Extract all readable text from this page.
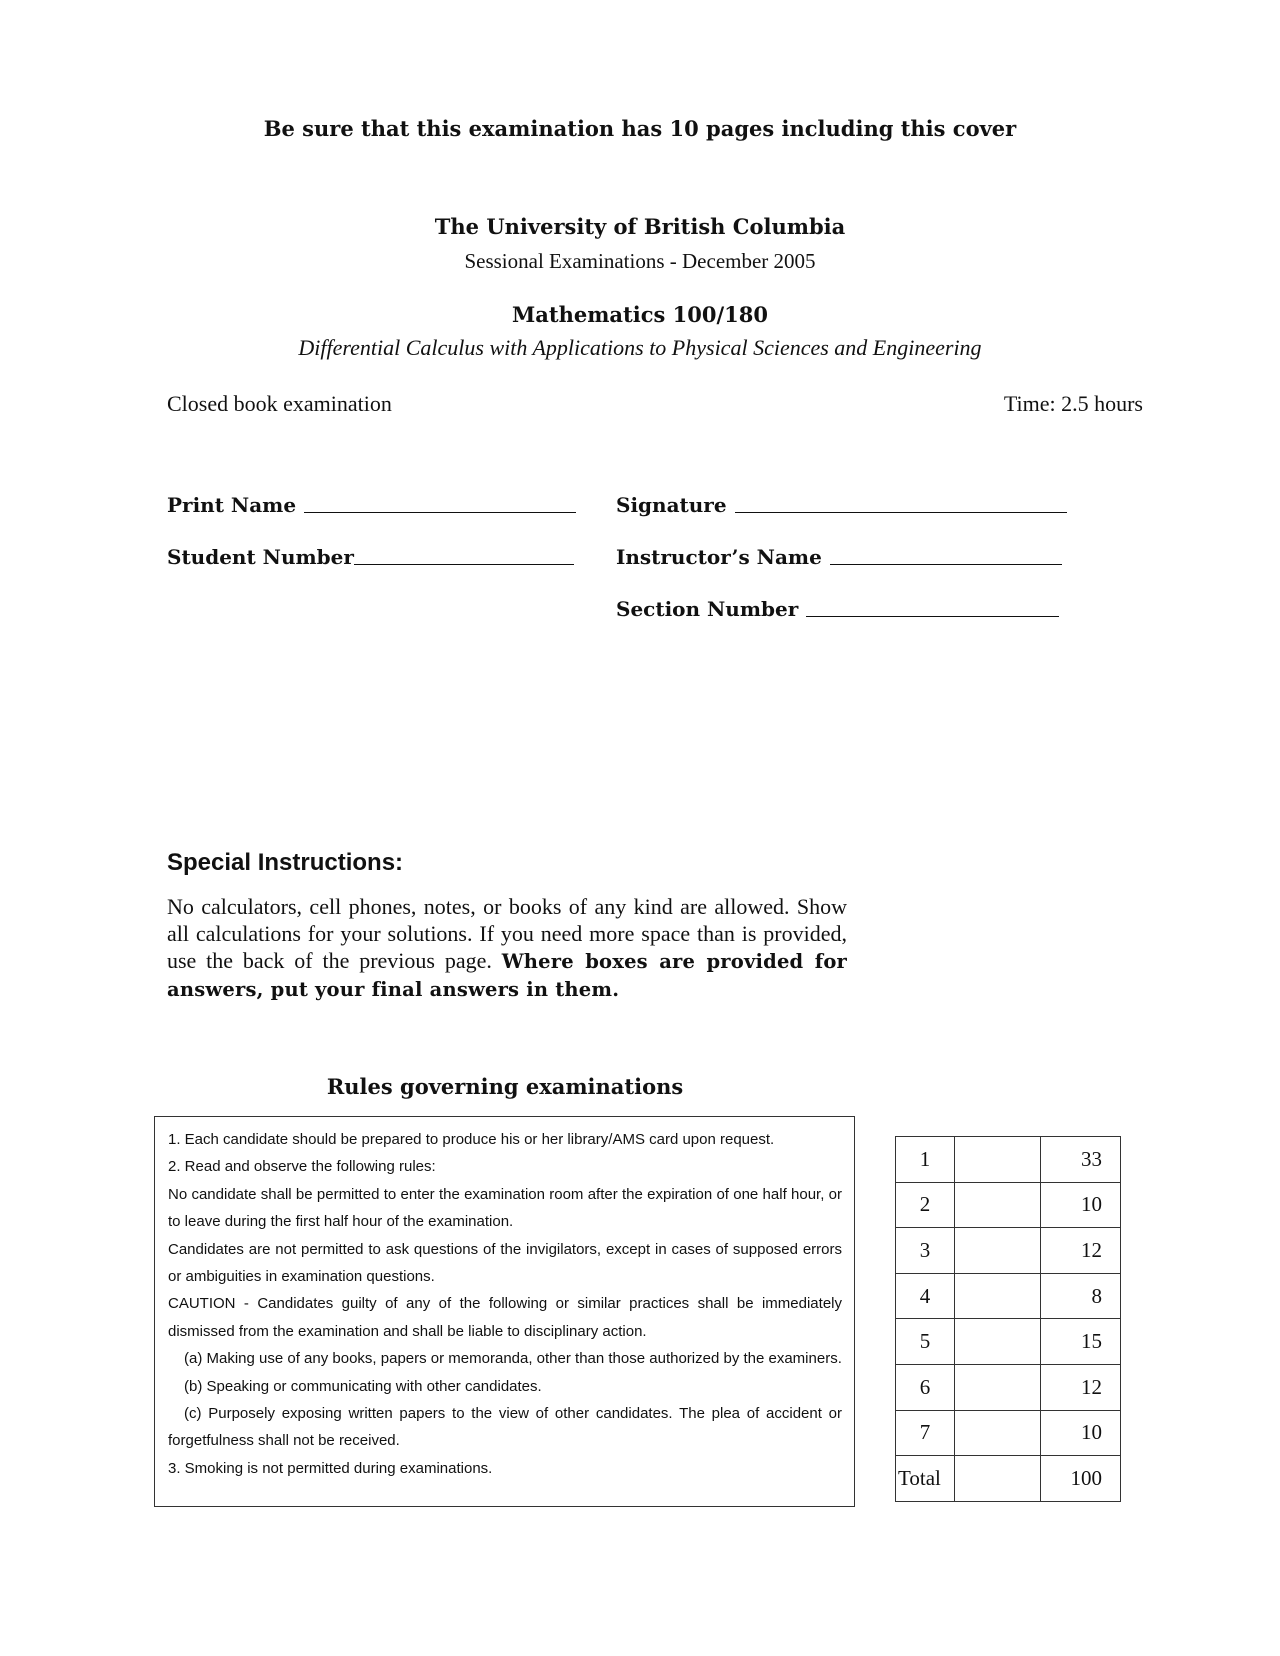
Be sure that this examination has 10 pages including this cover
The University of British Columbia
Sessional Examinations - December 2005
Mathematics 100/180
Differential Calculus with Applications to Physical Sciences and Engineering
Closed book examination	Time: 2.5 hours
Print Name
Student Number
Signature
Instructor’s Name
Section Number
Special Instructions:
No calculators, cell phones, notes, or books of any kind are allowed. Show all calculations for your solutions. If you need more space than is provided, use the back of the previous page. Where boxes are provided for answers, put your final answers in them.
Rules governing examinations

1. Each candidate should be prepared to produce his or her library/AMS card upon request.

2. Read and observe the following rules:

No candidate shall be permitted to enter the examination room after the expiration of one half hour, or to leave during the first half hour of the examination.

Candidates are not permitted to ask questions of the invigilators, except in cases of supposed errors or ambiguities in examination questions.

CAUTION - Candidates guilty of any of the following or similar practices shall be immediately dismissed from the examination and shall be liable to disciplinary action.

(a) Making use of any books, papers or memoranda, other than those authorized by the examiners.

(b) Speaking or communicating with other candidates.

(c) Purposely exposing written papers to the view of other candidates. The plea of accident or forgetfulness shall not be received.

3. Smoking is not permitted during examinations.

1		33
2		10
3		12
4		8
5		15
6		12
7		10
Total		100
